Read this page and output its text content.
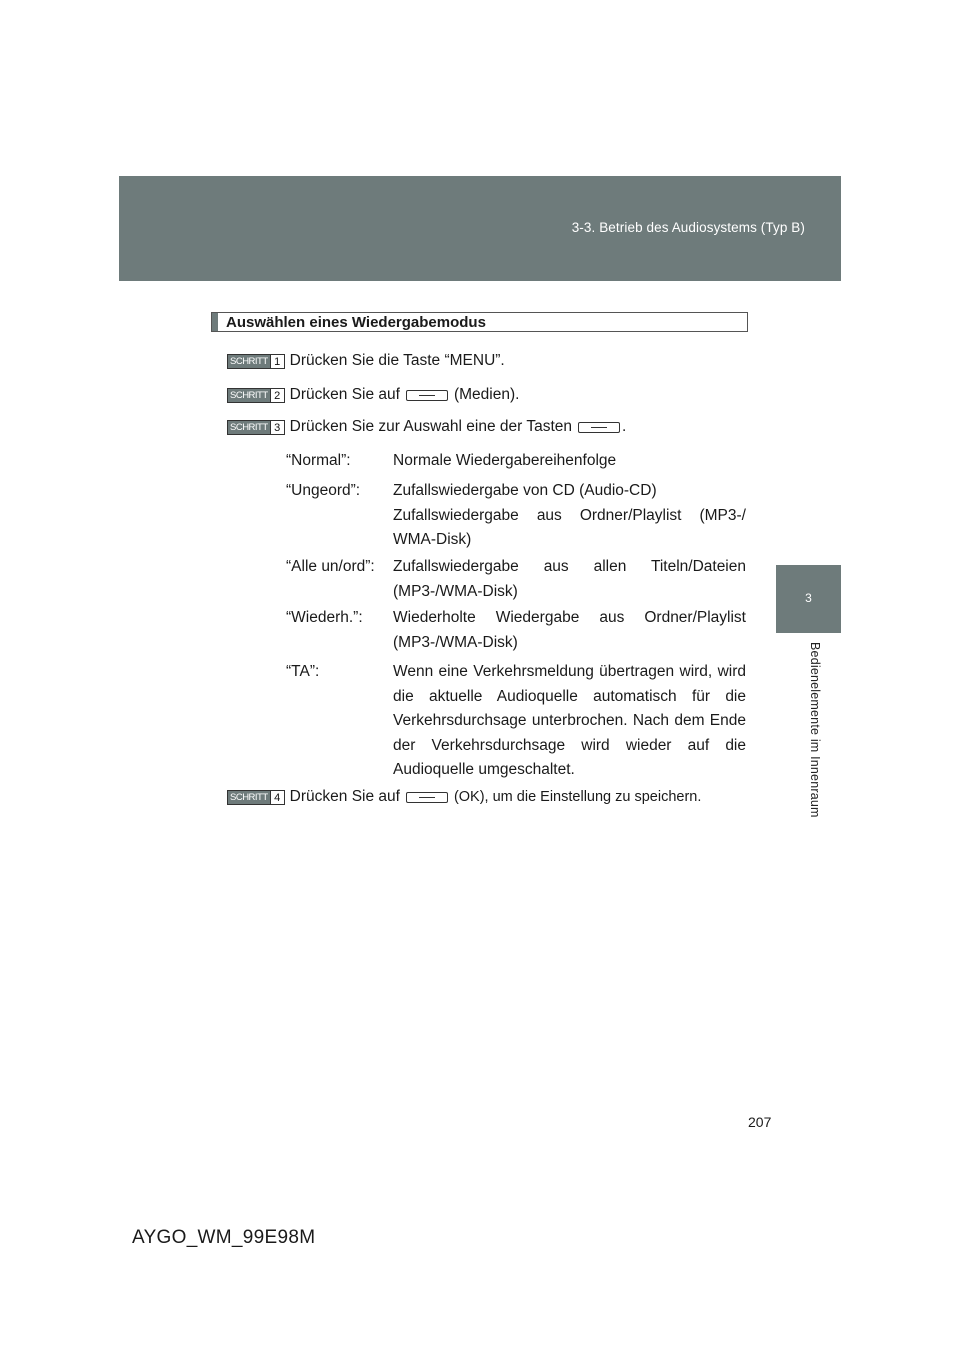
3-3. Betrieb des Audiosystems (Typ B)
3
Bedienelemente im Innenraum
Auswählen eines Wiedergabemodus
SCHRITT 1 Drücken Sie die Taste “MENU”.
SCHRITT 2 Drücken Sie auf	(Medien).
SCHRITT 3 Drücken Sie zur Auswahl eine der Tasten	.
“Normal”:	Normale Wiedergabereihenfolge
“Ungeord”: Zufallswiedergabe von CD (Audio-CD)
Zufallswiedergabe aus Ordner/Playlist (MP3-/ WMA-Disk)
“Alle un/ord”: Zufallswiedergabe aus allen Titeln/Dateien (MP3-/WMA-Disk)
“Wiederh.”: Wiederholte Wiedergabe aus Ordner/Playlist (MP3-/WMA-Disk)
“TA”:	Wenn eine Verkehrsmeldung übertragen wird, wird die aktuelle Audioquelle automatisch für die Verkehrsdurchsage unterbrochen. Nach dem Ende der Verkehrsdurchsage wird wieder auf die Audioquelle umgeschaltet.
SCHRITT 4 Drücken Sie auf	(OK), um die Einstellung zu speichern.
207
AYGO_WM_99E98M
